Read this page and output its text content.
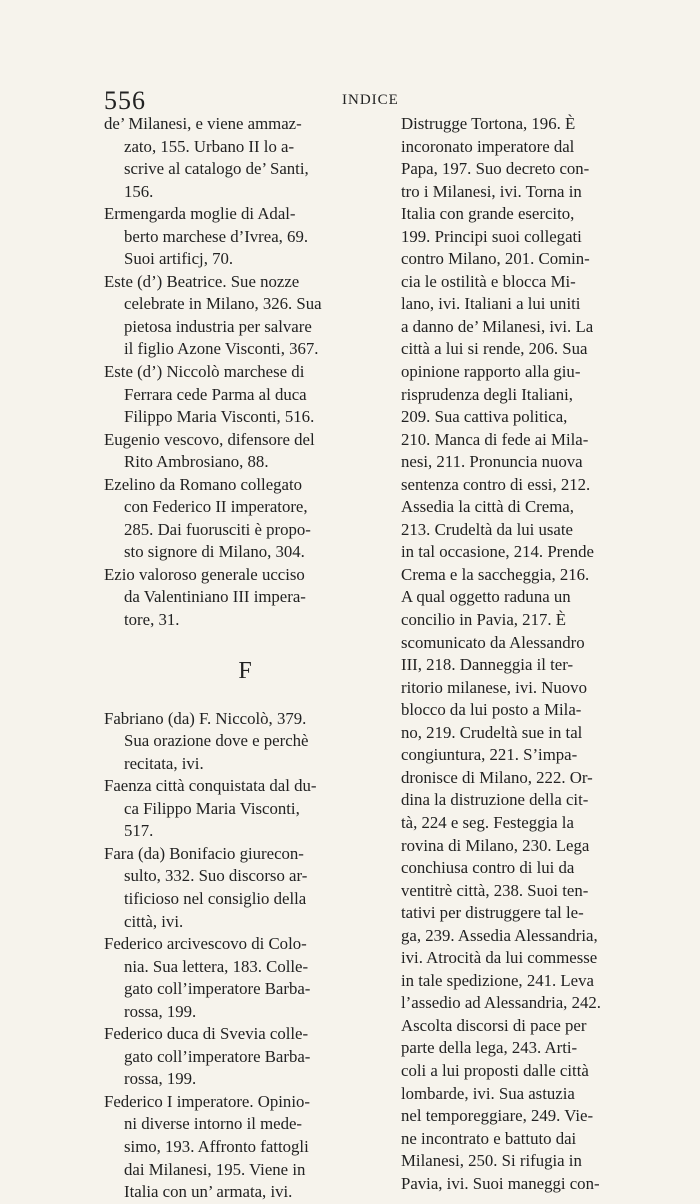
556	INDICE
de’ Milanesi, e viene ammaz-
zato, 155. Urbano II lo a-
scrive al catalogo de’ Santi,
156.
Ermengarda moglie di Adal-
berto marchese d’Ivrea, 69.
Suoi artificj, 70.
Este (d’) Beatrice. Sue nozze
celebrate in Milano, 326. Sua
pietosa industria per salvare
il figlio Azone Visconti, 367.
Este (d’) Niccolò marchese di
Ferrara cede Parma al duca
Filippo Maria Visconti, 516.
Eugenio vescovo, difensore del
Rito Ambrosiano, 88.
Ezelino da Romano collegato
con Federico II imperatore,
285. Dai fuorusciti è propo-
sto signore di Milano, 304.
Ezio valoroso generale ucciso
da Valentiniano III impera-
tore, 31.
F
Fabriano (da) F. Niccolò, 379.
Sua orazione dove e perchè
recitata, ivi.
Faenza città conquistata dal du-
ca Filippo Maria Visconti,
517.
Fara (da) Bonifacio giurecon-
sulto, 332. Suo discorso ar-
tificioso nel consiglio della
città, ivi.
Federico arcivescovo di Colo-
nia. Sua lettera, 183. Colle-
gato coll’imperatore Barba-
rossa, 199.
Federico duca di Svevia colle-
gato coll’imperatore Barba-
rossa, 199.
Federico I imperatore. Opinio-
ni diverse intorno il mede-
simo, 193. Affronto fattogli
dai Milanesi, 195. Viene in
Italia con un’ armata, ivi.
Distrugge Tortona, 196. È
incoronato imperatore dal
Papa, 197. Suo decreto con-
tro i Milanesi, ivi. Torna in
Italia con grande esercito,
199. Principi suoi collegati
contro Milano, 201. Comin-
cia le ostilità e blocca Mi-
lano, ivi. Italiani a lui uniti
a danno de’ Milanesi, ivi. La
città a lui si rende, 206. Sua
opinione rapporto alla giu-
risprudenza degli Italiani,
209. Sua cattiva politica,
210. Manca di fede ai Mila-
nesi, 211. Pronuncia nuova
sentenza contro di essi, 212.
Assedia la città di Crema,
213. Crudeltà da lui usate
in tal occasione, 214. Prende
Crema e la saccheggia, 216.
A qual oggetto raduna un
concilio in Pavia, 217. È
scomunicato da Alessandro
III, 218. Danneggia il ter-
ritorio milanese, ivi. Nuovo
blocco da lui posto a Mila-
no, 219. Crudeltà sue in tal
congiuntura, 221. S’impa-
dronisce di Milano, 222. Or-
dina la distruzione della cit-
tà, 224 e seg. Festeggia la
rovina di Milano, 230. Lega
conchiusa contro di lui da
ventitrè città, 238. Suoi ten-
tativi per distruggere tal le-
ga, 239. Assedia Alessandria,
ivi. Atrocità da lui commesse
in tale spedizione, 241. Leva
l’assedio ad Alessandria, 242.
Ascolta discorsi di pace per
parte della lega, 243. Arti-
coli a lui proposti dalle città
lombarde, ivi. Sua astuzia
nel temporeggiare, 249. Vie-
ne incontrato e battuto dai
Milanesi, 250. Si rifugia in
Pavia, ivi. Suoi maneggi con-
